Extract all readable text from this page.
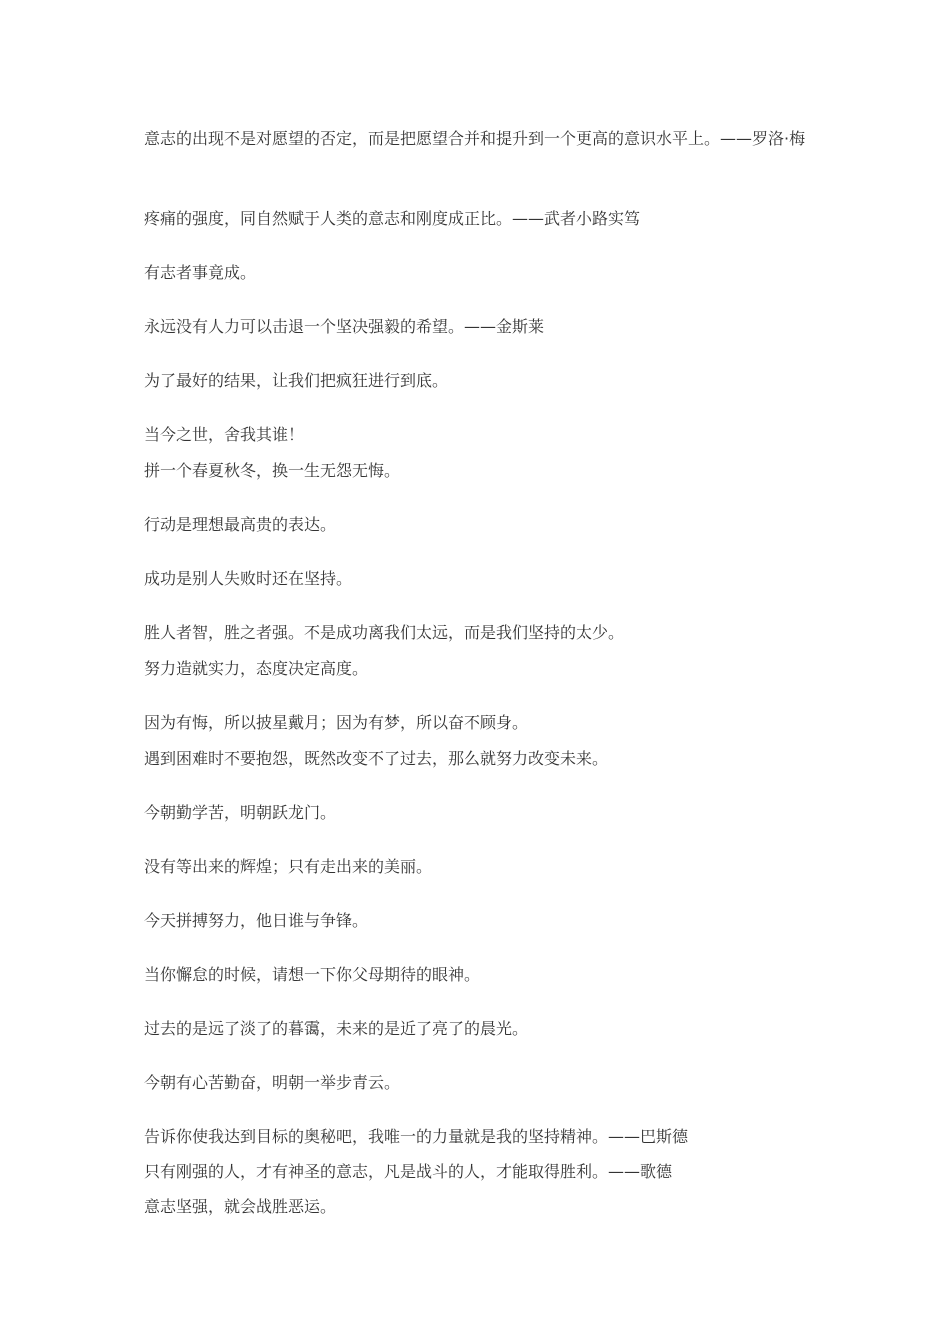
意志的出现不是对愿望的否定，而是把愿望合并和提升到一个更高的意识水平上。——罗洛·梅
疼痛的强度，同自然赋于人类的意志和刚度成正比。——武者小路实笃
有志者事竟成。
永远没有人力可以击退一个坚决强毅的希望。——金斯莱
为了最好的结果，让我们把疯狂进行到底。
当今之世，舍我其谁！
拼一个春夏秋冬，换一生无怨无悔。
行动是理想最高贵的表达。
成功是别人失败时还在坚持。
胜人者智，胜之者强。不是成功离我们太远，而是我们坚持的太少。
努力造就实力，态度决定高度。
因为有悔，所以披星戴月；因为有梦，所以奋不顾身。
遇到困难时不要抱怨，既然改变不了过去，那么就努力改变未来。
今朝勤学苦，明朝跃龙门。
没有等出来的辉煌；只有走出来的美丽。
今天拼搏努力，他日谁与争锋。
当你懈怠的时候，请想一下你父母期待的眼神。
过去的是远了淡了的暮霭，未来的是近了亮了的晨光。
今朝有心苦勤奋，明朝一举步青云。
告诉你使我达到目标的奥秘吧，我唯一的力量就是我的坚持精神。——巴斯德
只有刚强的人，才有神圣的意志，凡是战斗的人，才能取得胜利。——歌德
意志坚强，就会战胜恶运。
